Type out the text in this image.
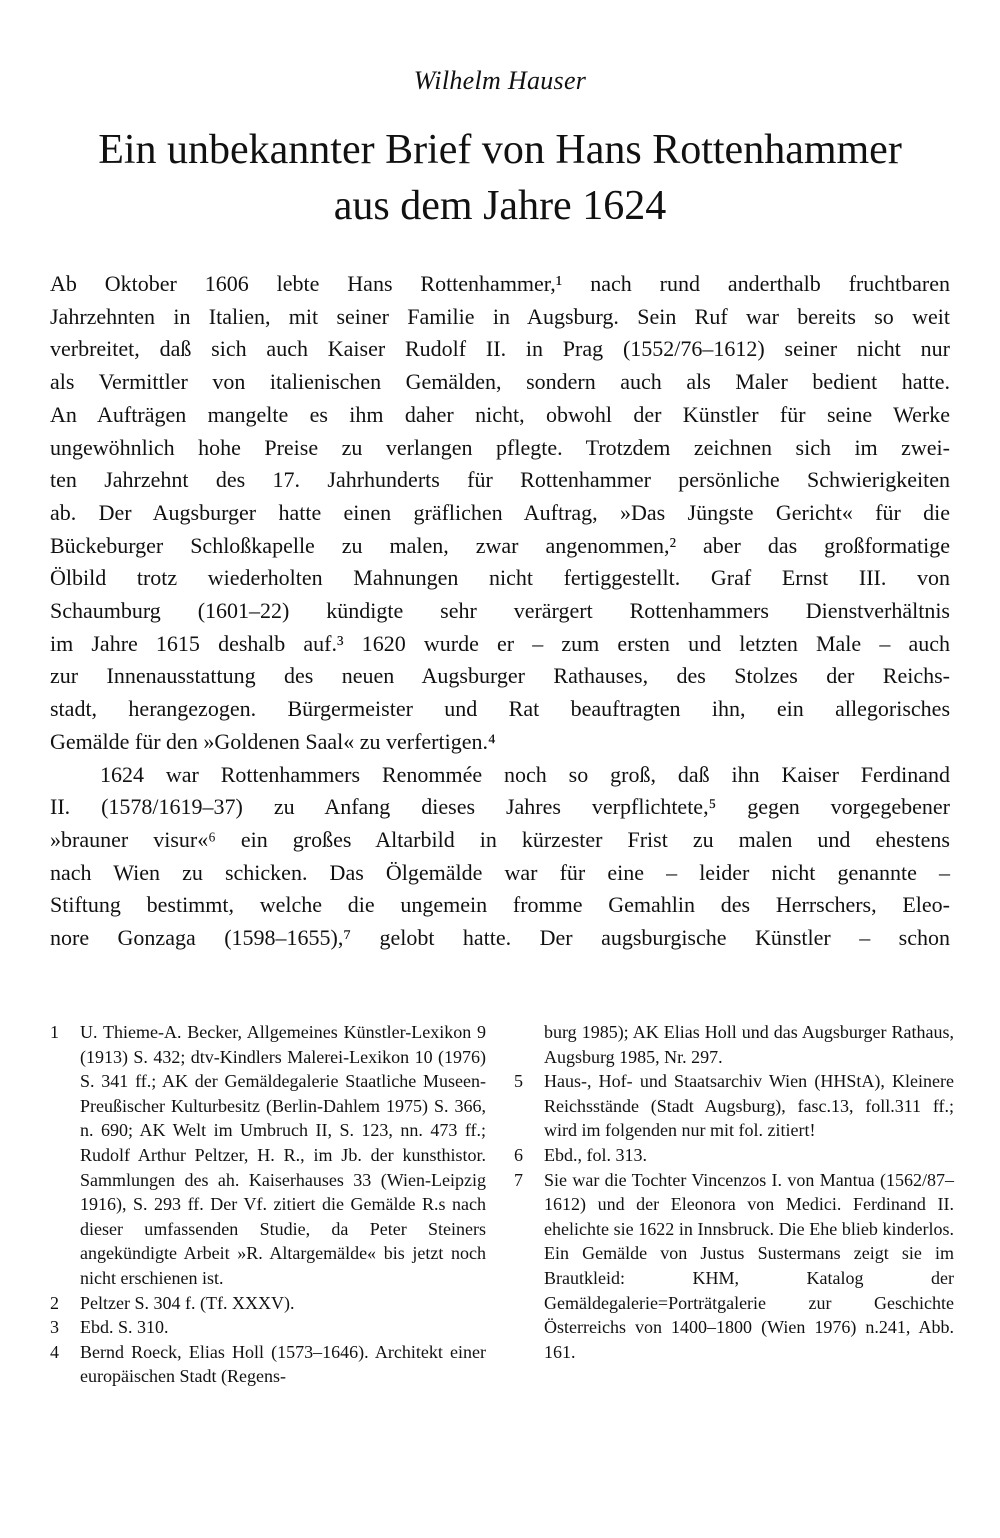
Wilhelm Hauser
Ein unbekannter Brief von Hans Rottenhammer
aus dem Jahre 1624
Ab Oktober 1606 lebte Hans Rottenhammer,¹ nach rund anderthalb fruchtbaren
Jahrzehnten in Italien, mit seiner Familie in Augsburg. Sein Ruf war bereits so weit
verbreitet, daß sich auch Kaiser Rudolf II. in Prag (1552/76–1612) seiner nicht nur
als Vermittler von italienischen Gemälden, sondern auch als Maler bedient hatte.
An Aufträgen mangelte es ihm daher nicht, obwohl der Künstler für seine Werke
ungewöhnlich hohe Preise zu verlangen pflegte. Trotzdem zeichnen sich im zwei-
ten Jahrzehnt des 17. Jahrhunderts für Rottenhammer persönliche Schwierigkeiten
ab. Der Augsburger hatte einen gräflichen Auftrag, »Das Jüngste Gericht« für die
Bückeburger Schloßkapelle zu malen, zwar angenommen,² aber das großformatige
Ölbild trotz wiederholten Mahnungen nicht fertiggestellt. Graf Ernst III. von
Schaumburg (1601–22) kündigte sehr verärgert Rottenhammers Dienstverhältnis
im Jahre 1615 deshalb auf.³ 1620 wurde er – zum ersten und letzten Male – auch
zur Innenausstattung des neuen Augsburger Rathauses, des Stolzes der Reichs-
stadt, herangezogen. Bürgermeister und Rat beauftragten ihn, ein allegorisches
Gemälde für den »Goldenen Saal« zu verfertigen.⁴
1624 war Rottenhammers Renommée noch so groß, daß ihn Kaiser Ferdinand
II. (1578/1619–37) zu Anfang dieses Jahres verpflichtete,⁵ gegen vorgegebener
»brauner visur«⁶ ein großes Altarbild in kürzester Frist zu malen und ehestens
nach Wien zu schicken. Das Ölgemälde war für eine – leider nicht genannte –
Stiftung bestimmt, welche die ungemein fromme Gemahlin des Herrschers, Eleo-
nore Gonzaga (1598–1655),⁷ gelobt hatte. Der augsburgische Künstler – schon
1	U. Thieme-A. Becker, Allgemeines Künstler-Lexikon 9 (1913) S. 432; dtv-Kindlers Malerei-Lexikon 10 (1976) S. 341 ff.; AK der Gemäldegalerie Staatliche Museen-Preußischer Kulturbesitz (Berlin-Dahlem 1975) S. 366, n. 690; AK Welt im Umbruch II, S. 123, nn. 473 ff.; Rudolf Arthur Peltzer, H. R., im Jb. der kunsthistor. Sammlungen des ah. Kaiserhauses 33 (Wien-Leipzig 1916), S. 293 ff. Der Vf. zitiert die Gemälde R.s nach dieser umfassenden Studie, da Peter Steiners angekündigte Arbeit »R. Altargemälde« bis jetzt noch nicht erschienen ist.
2	Peltzer S. 304 f. (Tf. XXXV).
3	Ebd. S. 310.
4	Bernd Roeck, Elias Holl (1573–1646). Architekt einer europäischen Stadt (Regens-
burg 1985); AK Elias Holl und das Augsburger Rathaus, Augsburg 1985, Nr. 297.
5	Haus-, Hof- und Staatsarchiv Wien (HHStA), Kleinere Reichsstände (Stadt Augsburg), fasc.13, foll.311 ff.; wird im folgenden nur mit fol. zitiert!
6	Ebd., fol. 313.
7	Sie war die Tochter Vincenzos I. von Mantua (1562/87–1612) und der Eleonora von Medici. Ferdinand II. ehelichte sie 1622 in Innsbruck. Die Ehe blieb kinderlos. Ein Gemälde von Justus Sustermans zeigt sie im Brautkleid: KHM, Katalog der Gemäldegalerie=Porträtgalerie zur Geschichte Österreichs von 1400–1800 (Wien 1976) n.241, Abb. 161.
